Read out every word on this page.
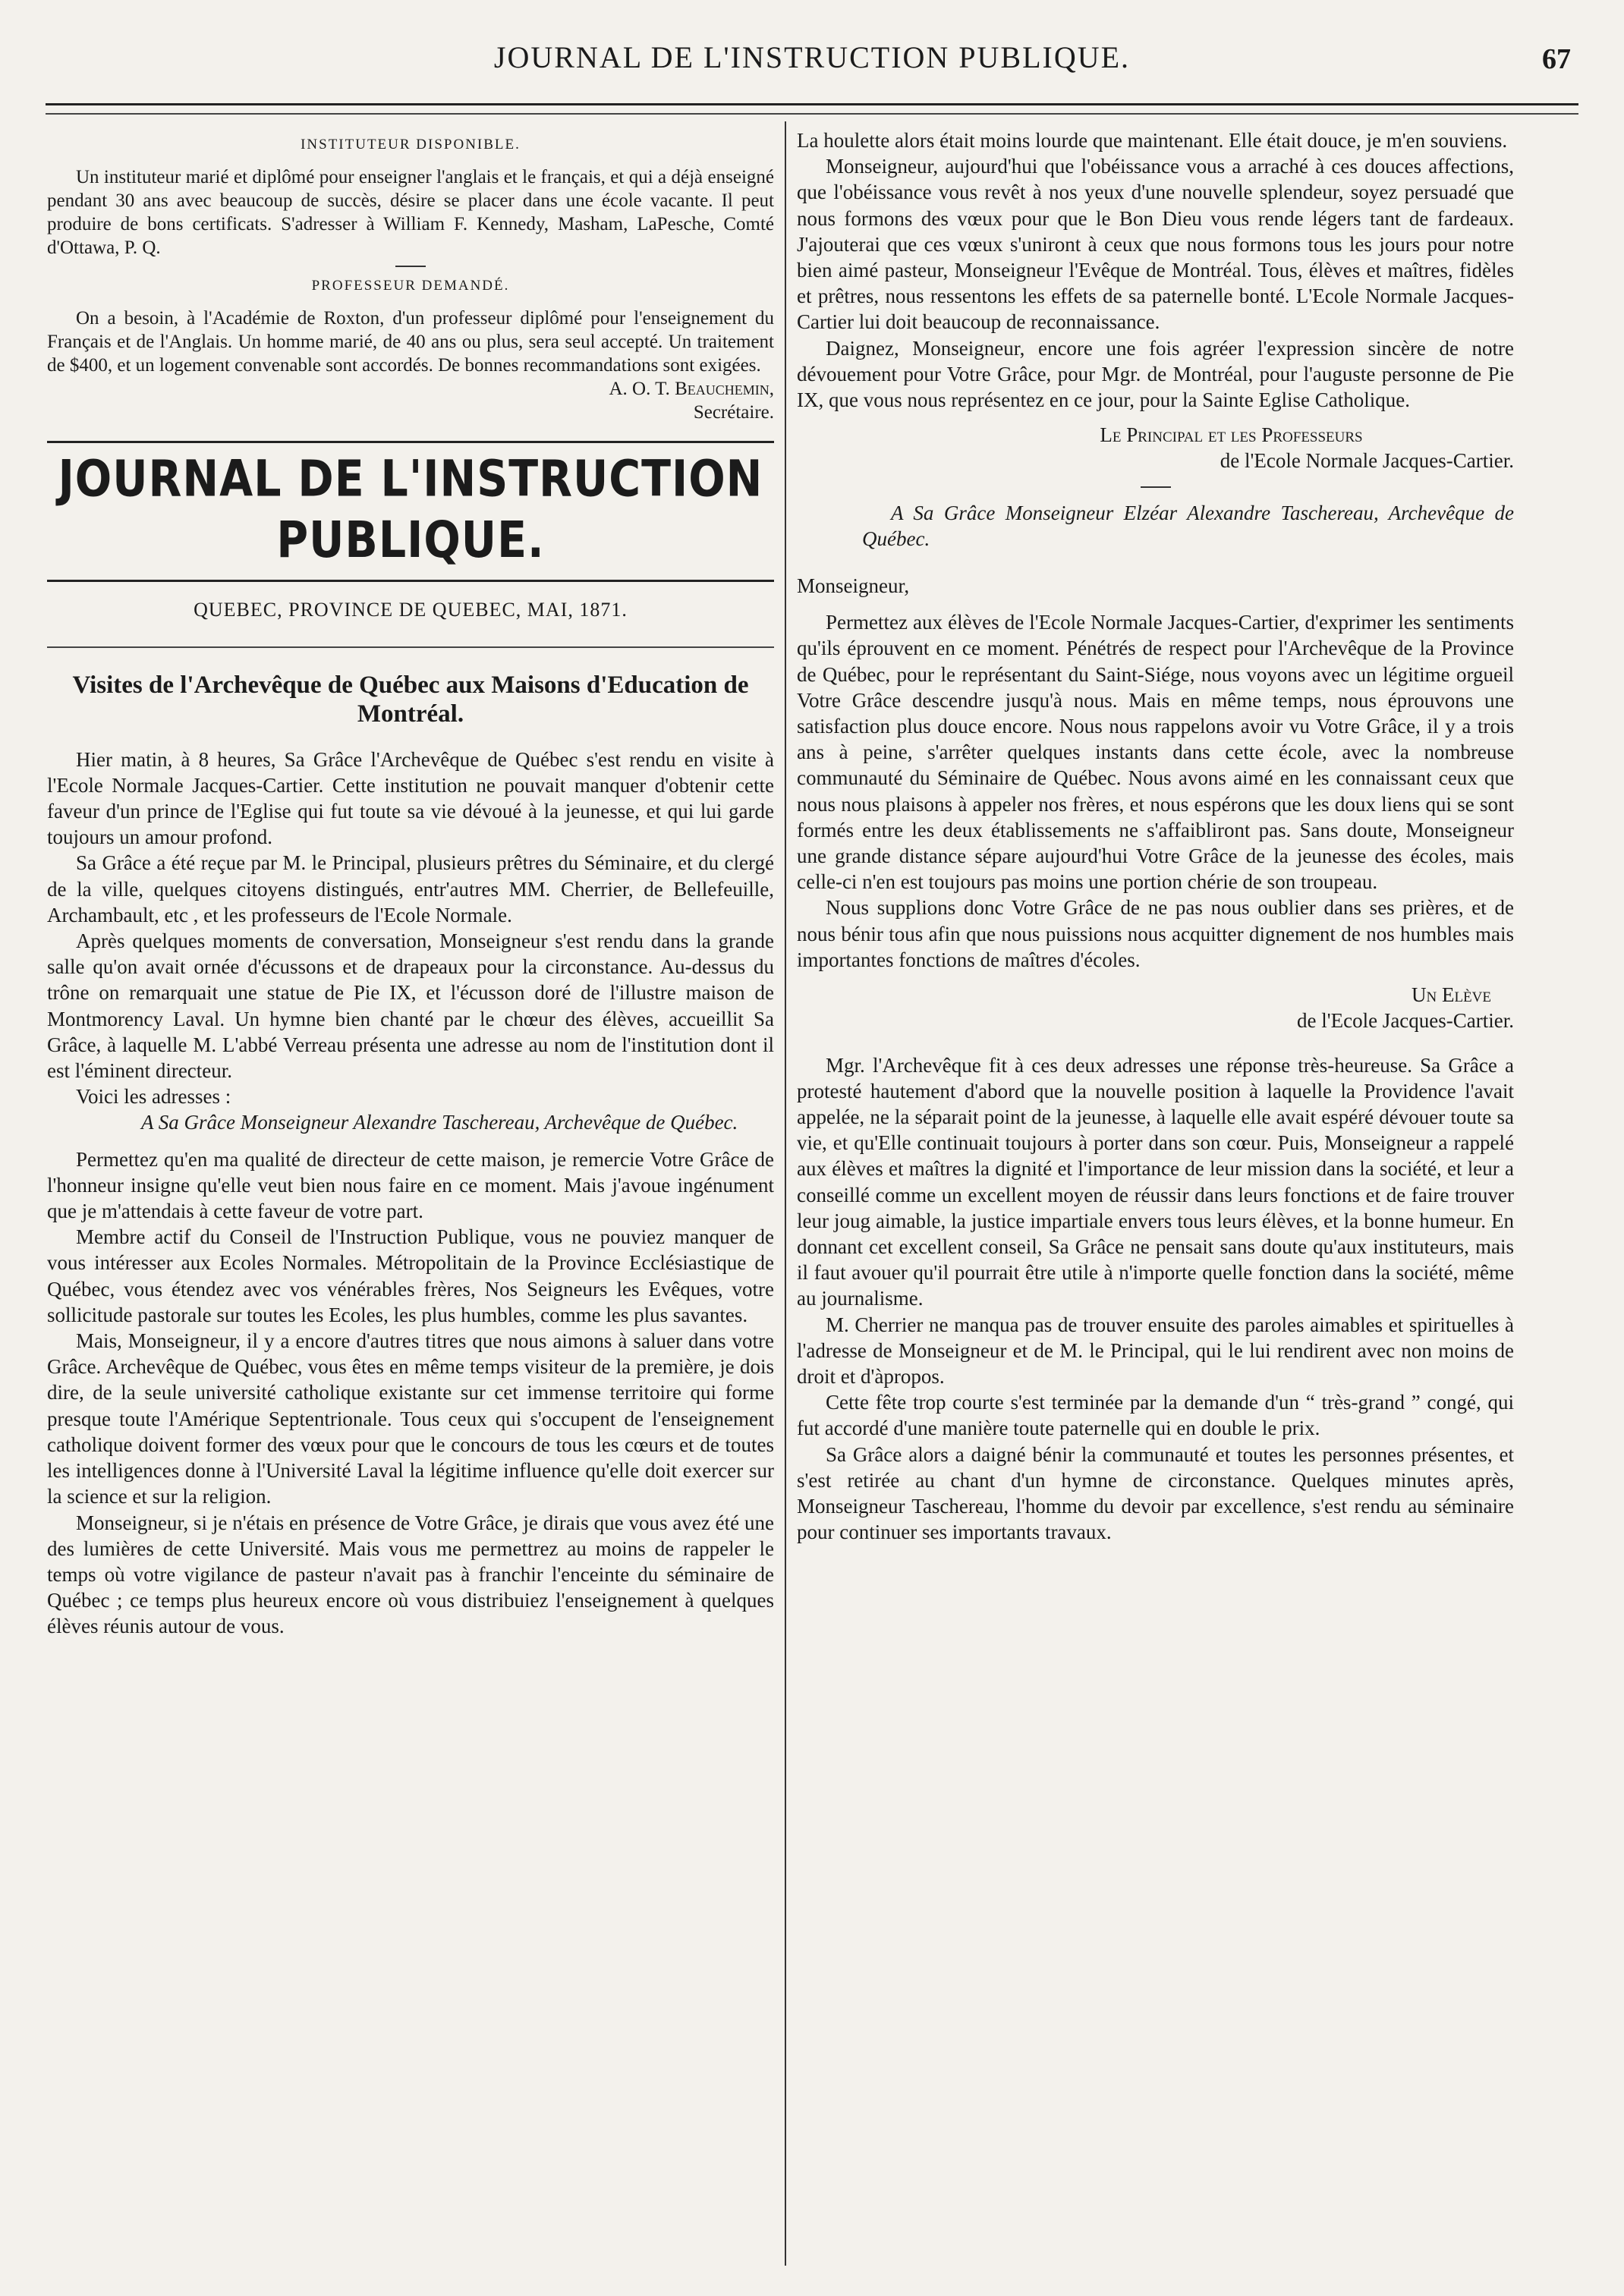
JOURNAL DE L'INSTRUCTION PUBLIQUE.	67
INSTITUTEUR DISPONIBLE.

Un instituteur marié et diplômé pour enseigner l'anglais et le français, et qui a déjà enseigné pendant 30 ans avec beaucoup de succès, désire se placer dans une école vacante. Il peut produire de bons certificats. S'adresser à William F. Kennedy, Masham, LaPesche, Comté d'Ottawa, P. Q.

PROFESSEUR DEMANDÉ.

On a besoin, à l'Académie de Roxton, d'un professeur diplômé pour l'enseignement du Français et de l'Anglais. Un homme marié, de 40 ans ou plus, sera seul accepté. Un traitement de $400, et un logement convenable sont accordés. De bonnes recommandations sont exigées.

A. O. T. Beauchemin,

Secrétaire.

JOURNAL DE L'INSTRUCTION PUBLIQUE.
QUEBEC, PROVINCE DE QUEBEC, MAI, 1871.
Visites de l'Archevêque de Québec aux Maisons d'Education de Montréal.

Hier matin, à 8 heures, Sa Grâce l'Archevêque de Québec s'est rendu en visite à l'Ecole Normale Jacques-Cartier. Cette institution ne pouvait manquer d'obtenir cette faveur d'un prince de l'Eglise qui fut toute sa vie dévoué à la jeunesse, et qui lui garde toujours un amour profond.

Sa Grâce a été reçue par M. le Principal, plusieurs prêtres du Séminaire, et du clergé de la ville, quelques citoyens distingués, entr'autres MM. Cherrier, de Bellefeuille, Archambault, etc , et les professeurs de l'Ecole Normale.

Après quelques moments de conversation, Monseigneur s'est rendu dans la grande salle qu'on avait ornée d'écussons et de drapeaux pour la circonstance. Au-dessus du trône on remarquait une statue de Pie IX, et l'écusson doré de l'illustre maison de Montmorency Laval. Un hymne bien chanté par le chœur des élèves, accueillit Sa Grâce, à laquelle M. L'abbé Verreau présenta une adresse au nom de l'institution dont il est l'éminent directeur.

Voici les adresses :

A Sa Grâce Monseigneur Alexandre Taschereau, Archevêque de Québec.

Permettez qu'en ma qualité de directeur de cette maison, je remercie Votre Grâce de l'honneur insigne qu'elle veut bien nous faire en ce moment. Mais j'avoue ingénument que je m'attendais à cette faveur de votre part.

Membre actif du Conseil de l'Instruction Publique, vous ne pouviez manquer de vous intéresser aux Ecoles Normales. Métropolitain de la Province Ecclésiastique de Québec, vous étendez avec vos vénérables frères, Nos Seigneurs les Evêques, votre sollicitude pastorale sur toutes les Ecoles, les plus humbles, comme les plus savantes.

Mais, Monseigneur, il y a encore d'autres titres que nous aimons à saluer dans votre Grâce. Archevêque de Québec, vous êtes en même temps visiteur de la première, je dois dire, de la seule université catholique existante sur cet immense territoire qui forme presque toute l'Amérique Septentrionale. Tous ceux qui s'occupent de l'enseignement catholique doivent former des vœux pour que le concours de tous les cœurs et de toutes les intelligences donne à l'Université Laval la légitime influence qu'elle doit exercer sur la science et sur la religion.

Monseigneur, si je n'étais en présence de Votre Grâce, je dirais que vous avez été une des lumières de cette Université. Mais vous me permettrez au moins de rappeler le temps où votre vigilance de pasteur n'avait pas à franchir l'enceinte du séminaire de Québec ; ce temps plus heureux encore où vous distribuiez l'enseignement à quelques élèves réunis autour de vous.

La houlette alors était moins lourde que maintenant. Elle était douce, je m'en souviens.

Monseigneur, aujourd'hui que l'obéissance vous a arraché à ces douces affections, que l'obéissance vous revêt à nos yeux d'une nouvelle splendeur, soyez persuadé que nous formons des vœux pour que le Bon Dieu vous rende légers tant de fardeaux. J'ajouterai que ces vœux s'uniront à ceux que nous formons tous les jours pour notre bien aimé pasteur, Monseigneur l'Evêque de Montréal. Tous, élèves et maîtres, fidèles et prêtres, nous ressentons les effets de sa paternelle bonté. L'Ecole Normale Jacques-Cartier lui doit beaucoup de reconnaissance.

Daignez, Monseigneur, encore une fois agréer l'expression sincère de notre dévouement pour Votre Grâce, pour Mgr. de Montréal, pour l'auguste personne de Pie IX, que vous nous représentez en ce jour, pour la Sainte Eglise Catholique.

Le Principal et les Professeurs

de l'Ecole Normale Jacques-Cartier.

A Sa Grâce Monseigneur Elzéar Alexandre Taschereau, Archevêque de Québec.

Monseigneur,

Permettez aux élèves de l'Ecole Normale Jacques-Cartier, d'exprimer les sentiments qu'ils éprouvent en ce moment. Pénétrés de respect pour l'Archevêque de la Province de Québec, pour le représentant du Saint-Siége, nous voyons avec un légitime orgueil Votre Grâce descendre jusqu'à nous. Mais en même temps, nous éprouvons une satisfaction plus douce encore. Nous nous rappelons avoir vu Votre Grâce, il y a trois ans à peine, s'arrêter quelques instants dans cette école, avec la nombreuse communauté du Séminaire de Québec. Nous avons aimé en les connaissant ceux que nous nous plaisons à appeler nos frères, et nous espérons que les doux liens qui se sont formés entre les deux établissements ne s'affaibliront pas. Sans doute, Monseigneur une grande distance sépare aujourd'hui Votre Grâce de la jeunesse des écoles, mais celle-ci n'en est toujours pas moins une portion chérie de son troupeau.

Nous supplions donc Votre Grâce de ne pas nous oublier dans ses prières, et de nous bénir tous afin que nous puissions nous acquitter dignement de nos humbles mais importantes fonctions de maîtres d'écoles.

Un Elève

de l'Ecole Jacques-Cartier.

Mgr. l'Archevêque fit à ces deux adresses une réponse très-heureuse. Sa Grâce a protesté hautement d'abord que la nouvelle position à laquelle la Providence l'avait appelée, ne la séparait point de la jeunesse, à laquelle elle avait espéré dévouer toute sa vie, et qu'Elle continuait toujours à porter dans son cœur. Puis, Monseigneur a rappelé aux élèves et maîtres la dignité et l'importance de leur mission dans la société, et leur a conseillé comme un excellent moyen de réussir dans leurs fonctions et de faire trouver leur joug aimable, la justice impartiale envers tous leurs élèves, et la bonne humeur. En donnant cet excellent conseil, Sa Grâce ne pensait sans doute qu'aux instituteurs, mais il faut avouer qu'il pourrait être utile à n'importe quelle fonction dans la société, même au journalisme.

M. Cherrier ne manqua pas de trouver ensuite des paroles aimables et spirituelles à l'adresse de Monseigneur et de M. le Principal, qui le lui rendirent avec non moins de droit et d'àpropos.

Cette fête trop courte s'est terminée par la demande d'un “ très-grand ” congé, qui fut accordé d'une manière toute paternelle qui en double le prix.

Sa Grâce alors a daigné bénir la communauté et toutes les personnes présentes, et s'est retirée au chant d'un hymne de circonstance. Quelques minutes après, Monseigneur Taschereau, l'homme du devoir par excellence, s'est rendu au séminaire pour continuer ses importants travaux.
